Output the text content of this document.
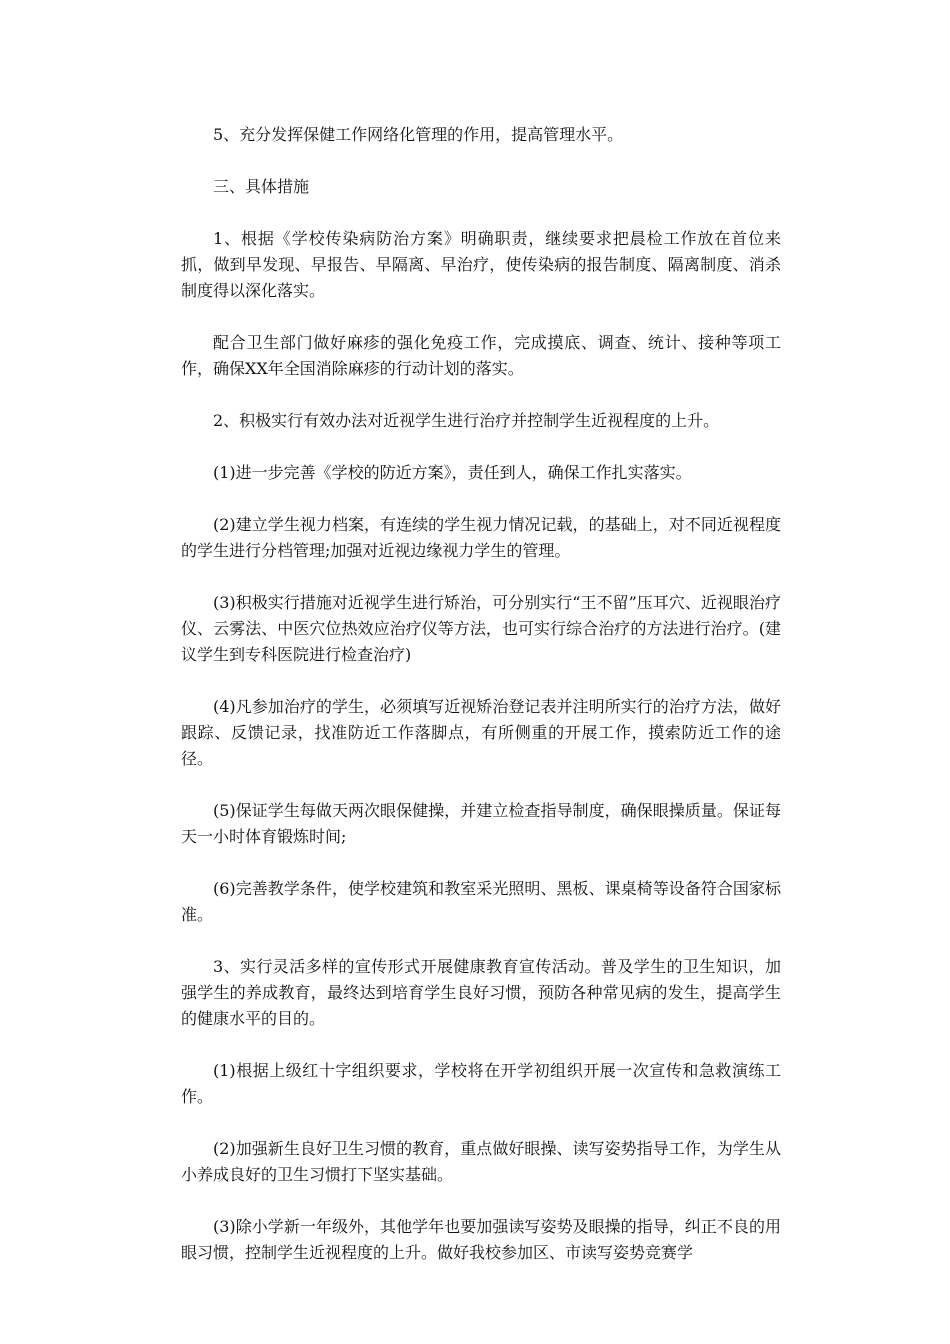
5、充分发挥保健工作网络化管理的作用，提高管理水平。

三、具体措施

1、根据《学校传染病防治方案》明确职责，继续要求把晨检工作放在首位来抓，做到早发现、早报告、早隔离、早治疗，使传染病的报告制度、隔离制度、消杀制度得以深化落实。

配合卫生部门做好麻疹的强化免疫工作，完成摸底、调查、统计、接种等项工作，确保XX年全国消除麻疹的行动计划的落实。

2、积极实行有效办法对近视学生进行治疗并控制学生近视程度的上升。

(1)进一步完善《学校的防近方案》，责任到人，确保工作扎实落实。

(2)建立学生视力档案，有连续的学生视力情况记载，的基础上，对不同近视程度的学生进行分档管理;加强对近视边缘视力学生的管理。

(3)积极实行措施对近视学生进行矫治，可分别实行“王不留”压耳穴、近视眼治疗仪、云雾法、中医穴位热效应治疗仪等方法，也可实行综合治疗的方法进行治疗。(建议学生到专科医院进行检查治疗)

(4)凡参加治疗的学生，必须填写近视矫治登记表并注明所实行的治疗方法，做好跟踪、反馈记录，找准防近工作落脚点，有所侧重的开展工作，摸索防近工作的途径。

(5)保证学生每做天两次眼保健操，并建立检查指导制度，确保眼操质量。保证每天一小时体育锻炼时间;

(6)完善教学条件，使学校建筑和教室采光照明、黑板、课桌椅等设备符合国家标准。

3、实行灵活多样的宣传形式开展健康教育宣传活动。普及学生的卫生知识，加强学生的养成教育，最终达到培育学生良好习惯，预防各种常见病的发生，提高学生的健康水平的目的。

(1)根据上级红十字组织要求，学校将在开学初组织开展一次宣传和急救演练工作。

(2)加强新生良好卫生习惯的教育，重点做好眼操、读写姿势指导工作，为学生从小养成良好的卫生习惯打下坚实基础。

(3)除小学新一年级外，其他学年也要加强读写姿势及眼操的指导，纠正不良的用眼习惯，控制学生近视程度的上升。做好我校参加区、市读写姿势竞赛学
